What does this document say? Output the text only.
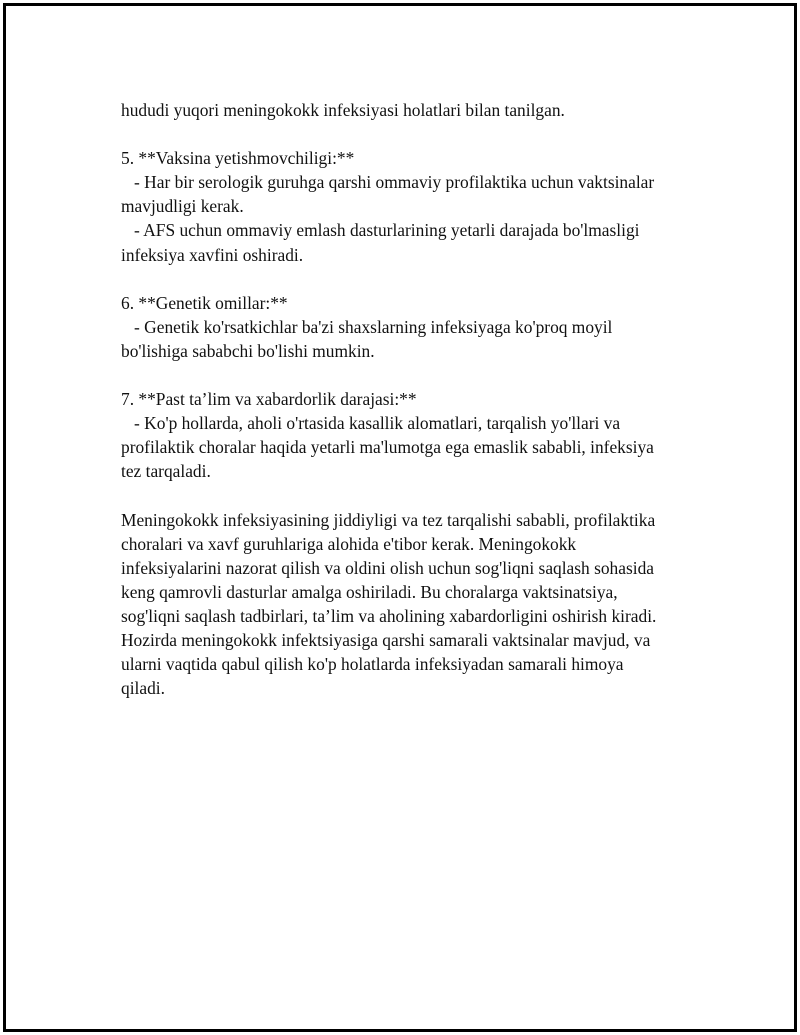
hududi yuqori meningokokk infeksiyasi holatlari bilan tanilgan.

5. **Vaksina yetishmovchiligi:**

- Har bir serologik guruhga qarshi ommaviy profilaktika uchun vaktsinalar

mavjudligi kerak.

- AFS uchun ommaviy emlash dasturlarining yetarli darajada bo'lmasligi

infeksiya xavfini oshiradi.

6. **Genetik omillar:**

- Genetik ko'rsatkichlar ba'zi shaxslarning infeksiyaga ko'proq moyil

bo'lishiga sababchi bo'lishi mumkin.

7. **Past ta’lim va xabardorlik darajasi:**

- Ko'p hollarda, aholi o'rtasida kasallik alomatlari, tarqalish yo'llari va

profilaktik choralar haqida yetarli ma'lumotga ega emaslik sababli, infeksiya

tez tarqaladi.

Meningokokk infeksiyasining jiddiyligi va tez tarqalishi sababli, profilaktika

choralari va xavf guruhlariga alohida e'tibor kerak. Meningokokk

infeksiyalarini nazorat qilish va oldini olish uchun sog'liqni saqlash sohasida

keng qamrovli dasturlar amalga oshiriladi. Bu choralarga vaktsinatsiya,

sog'liqni saqlash tadbirlari, ta’lim va aholining xabardorligini oshirish kiradi.

Hozirda meningokokk infektsiyasiga qarshi samarali vaktsinalar mavjud, va

ularni vaqtida qabul qilish ko'p holatlarda infeksiyadan samarali himoya

qiladi.
